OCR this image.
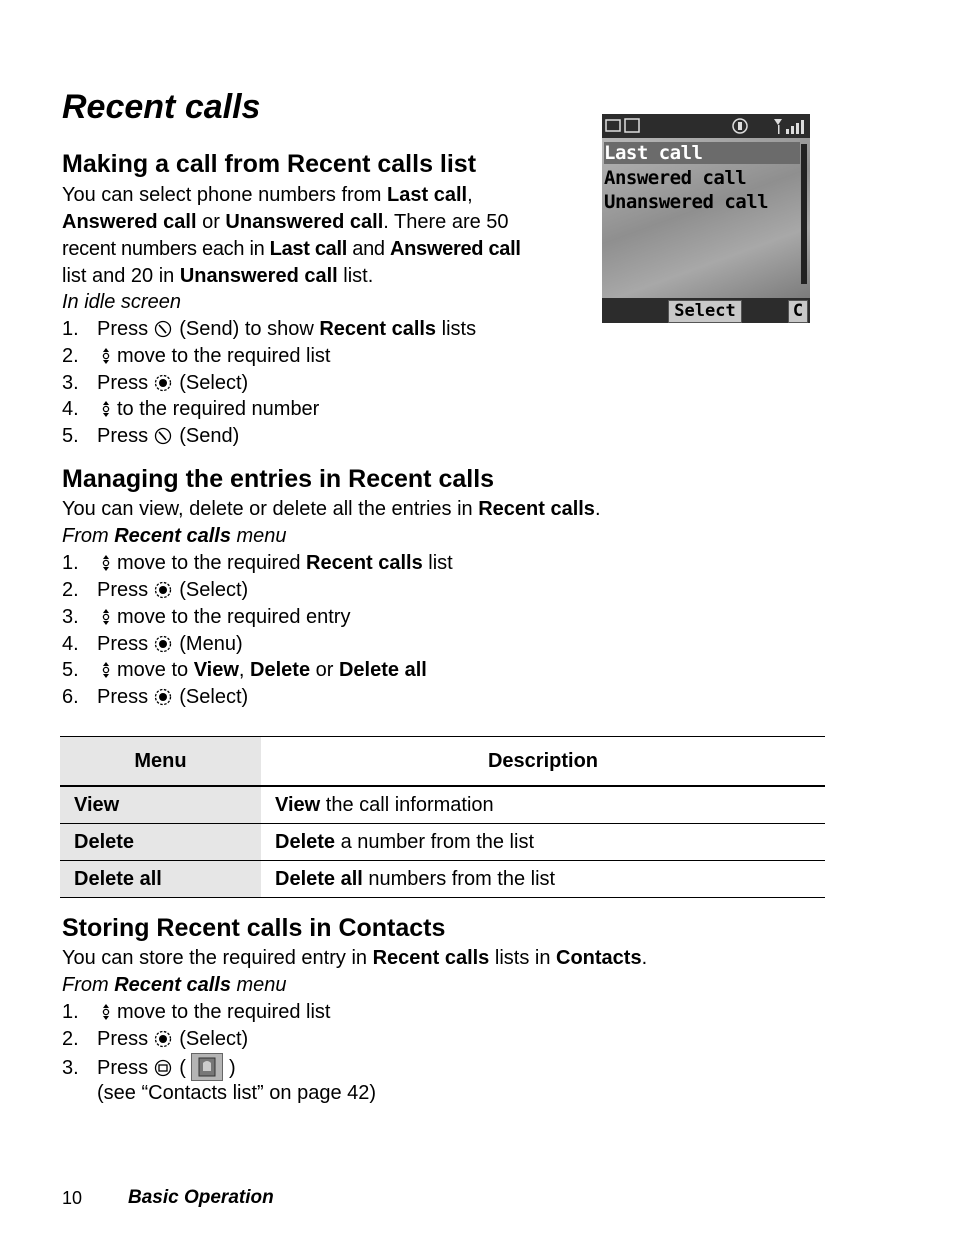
Recent calls
Making a call from Recent calls list
You can select phone numbers from Last call,
Answered call or Unanswered call. There are 50
recent numbers each in Last call and Answered call
list and 20 in Unanswered call list.
In idle screen
1. Press  (Send) to show Recent calls lists
2. move to the required list
3. Press  (Select)
4. to the required number
5. Press  (Send)
Last call
Answered call
Unanswered call
Select	C
Managing the entries in Recent calls
You can view, delete or delete all the entries in Recent calls.
From Recent calls menu
1. move to the required Recent calls list
2. Press  (Select)
3. move to the required entry
4. Press  (Menu)
5. move to View, Delete or Delete all
6. Press  (Select)
Menu	Description
View	View the call information
Delete	Delete a number from the list
Delete all	Delete all numbers from the list
Storing Recent calls in Contacts
You can store the required entry in Recent calls lists in Contacts.
From Recent calls menu
1. move to the required list
2. Press  (Select)
3. Press  (  )
(see “Contacts list” on page 42)
10 Basic Operation
